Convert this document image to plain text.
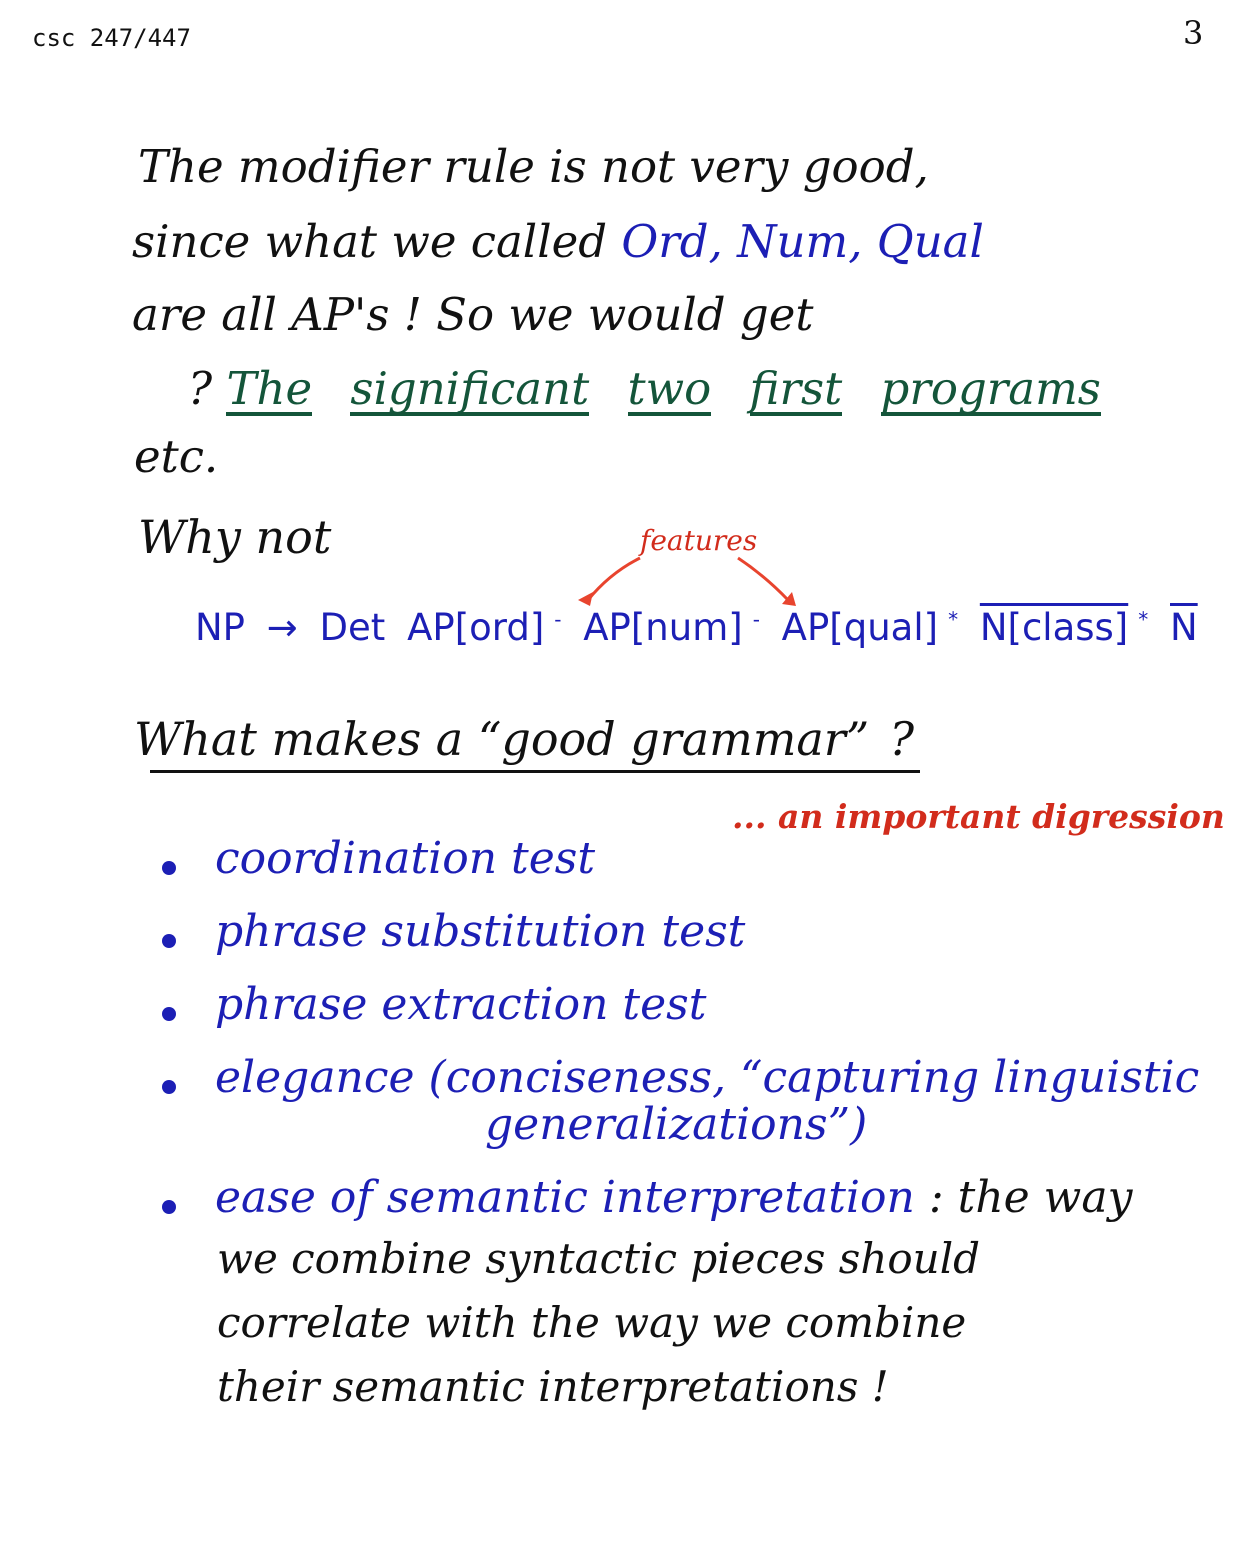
csc 247/447	3
The modifier rule is not very good,
since what we called Ord, Num, Qual
are all AP's ! So we would get
? The significant two first programs
etc.
Why not	features
NP → Det AP[ord] - AP[num] - AP[qual] * N[class] * $\overline{N}$
What makes a “good grammar” ?
... an important digression
coordination test
phrase substitution test
phrase extraction test
elegance (conciseness, “capturing linguistic
generalizations”)
ease of semantic interpretation : the way
we combine syntactic pieces should
correlate with the way we combine
their semantic interpretations !
